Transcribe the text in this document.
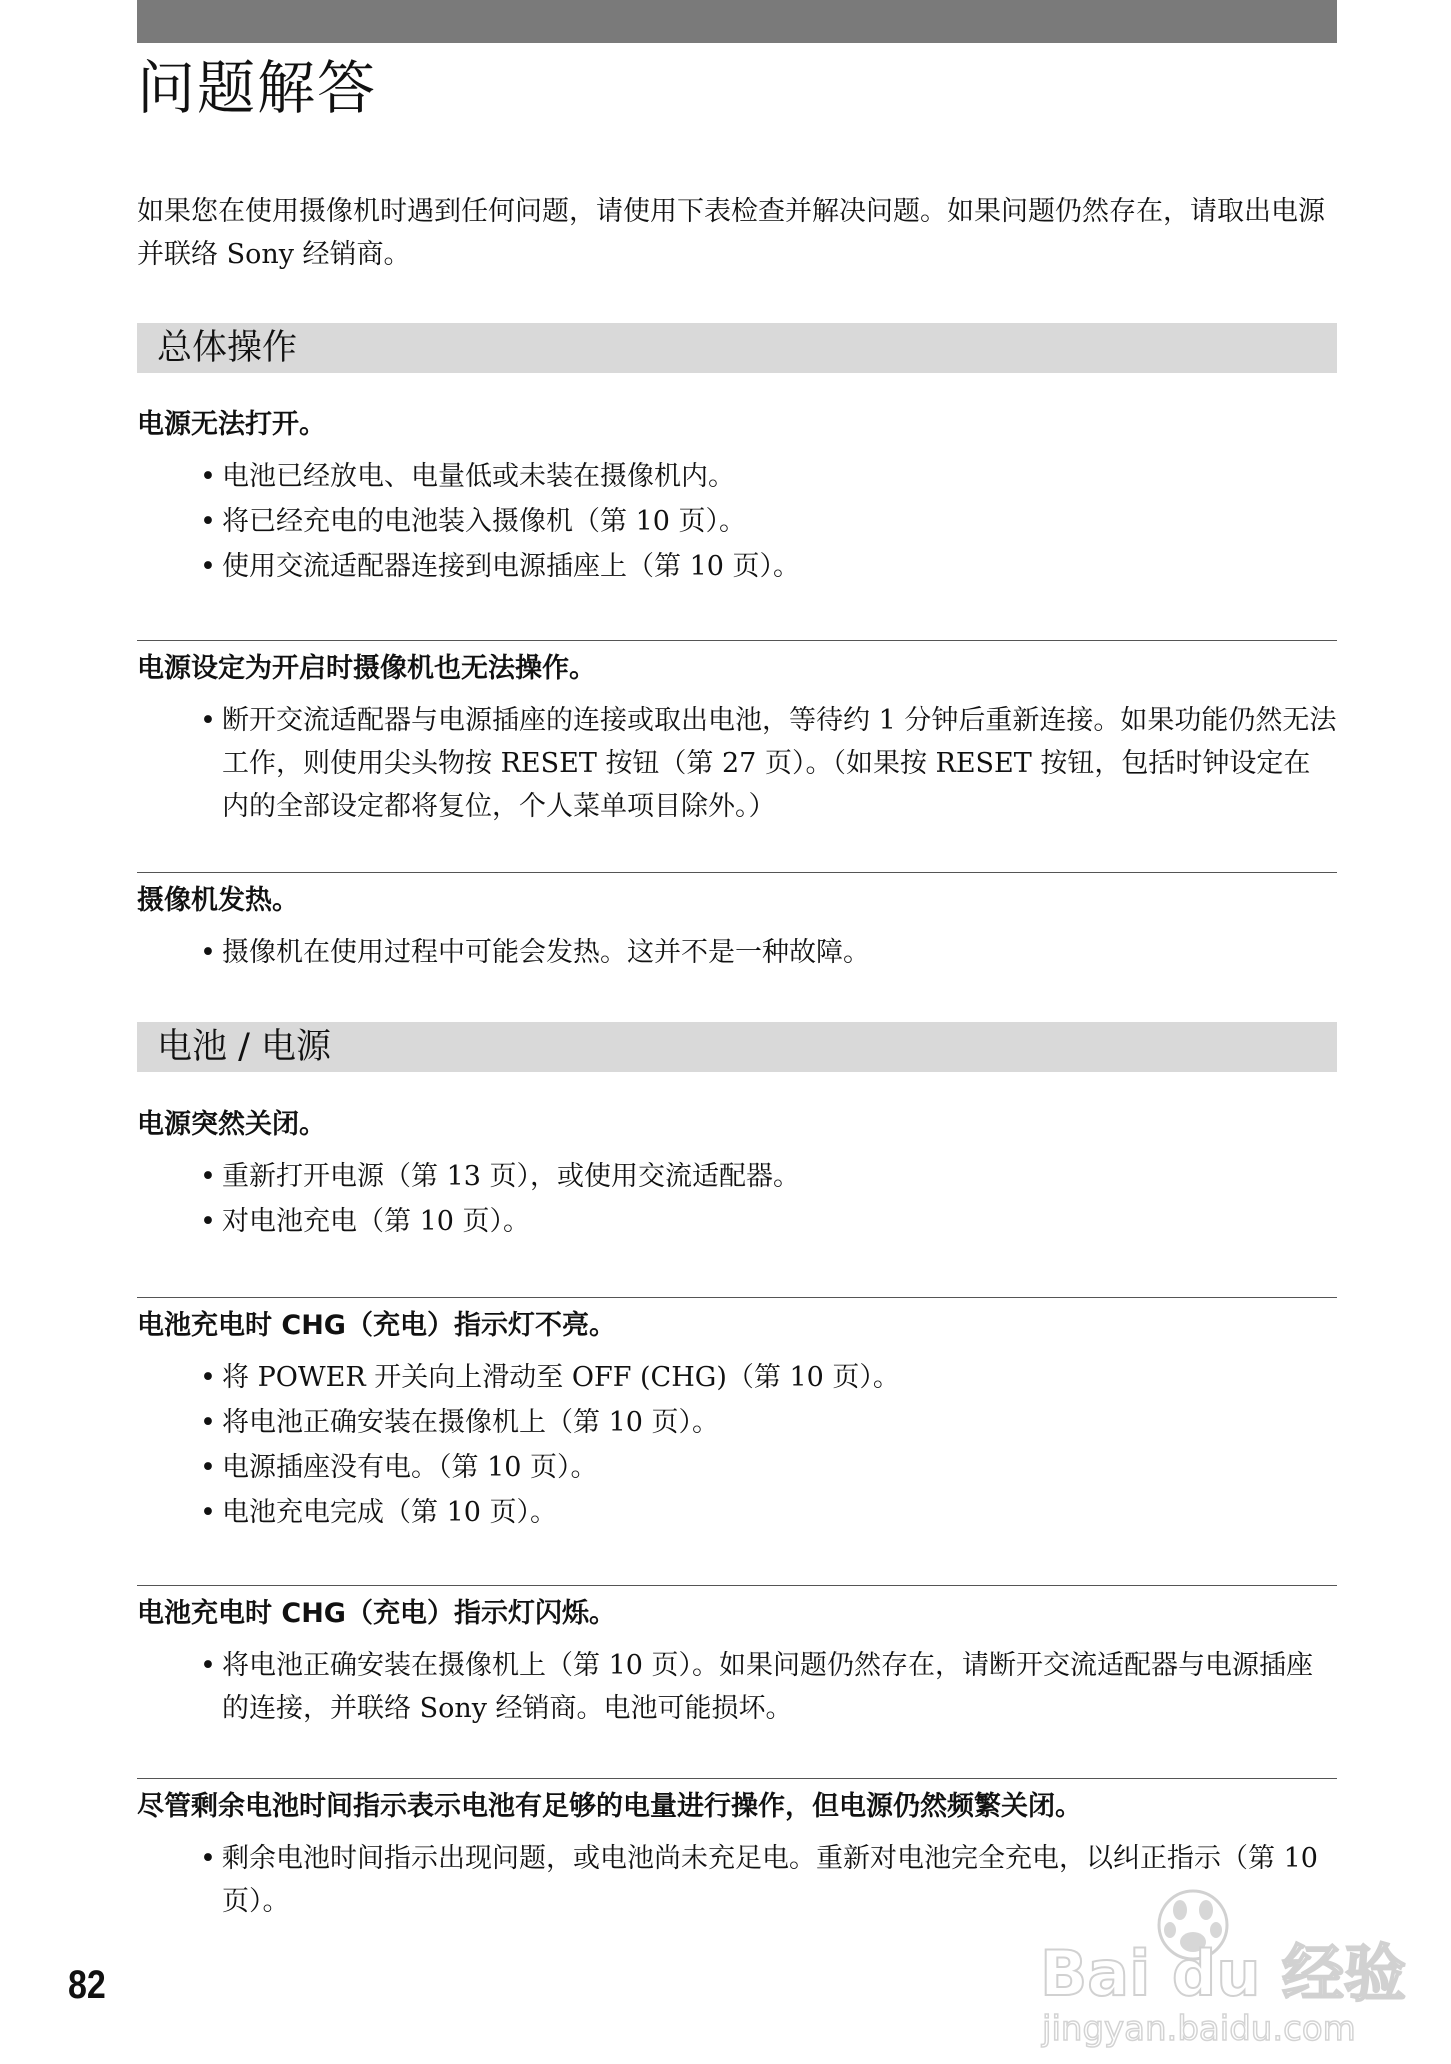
问题解答

如果您在使用摄像机时遇到任何问题，请使用下表检查并解决问题。如果问题仍然存在，请取出电源并联络 Sony 经销商。

总体操作

电源无法打开。

• 电池已经放电、电量低或未装在摄像机内。
• 将已经充电的电池装入摄像机（第 10 页）。
• 使用交流适配器连接到电源插座上（第 10 页）。

电源设定为开启时摄像机也无法操作。

• 断开交流适配器与电源插座的连接或取出电池，等待约 1 分钟后重新连接。如果功能仍然无法工作，则使用尖头物按 RESET 按钮（第 27 页）。（如果按 RESET 按钮，包括时钟设定在内的全部设定都将复位，个人菜单项目除外。）

摄像机发热。

• 摄像机在使用过程中可能会发热。这并不是一种故障。
电池 / 电源

电源突然关闭。

• 重新打开电源（第 13 页），或使用交流适配器。
• 对电池充电（第 10 页）。

电池充电时 CHG（充电）指示灯不亮。

• 将 POWER 开关向上滑动至 OFF (CHG)（第 10 页）。
• 将电池正确安装在摄像机上（第 10 页）。
• 电源插座没有电。（第 10 页）。
• 电池充电完成（第 10 页）。

电池充电时 CHG（充电）指示灯闪烁。

• 将电池正确安装在摄像机上（第 10 页）。如果问题仍然存在，请断开交流适配器与电源插座的连接，并联络 Sony 经销商。电池可能损坏。

尽管剩余电池时间指示表示电池有足够的电量进行操作，但电源仍然频繁关闭。

• 剩余电池时间指示出现问题，或电池尚未充足电。重新对电池完全充电，以纠正指示（第 10 页）。
82	Bai du 经验
jingyan.baidu.com
